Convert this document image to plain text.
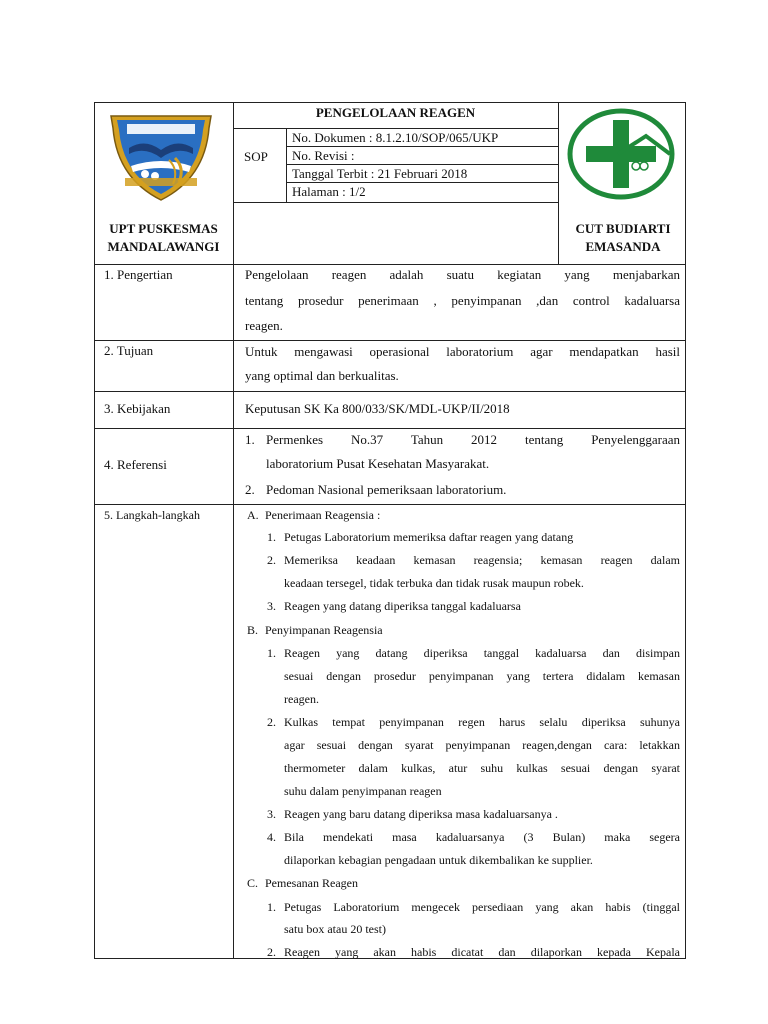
PENGELOLAAN REAGEN
SOP
No. Dokumen : 8.1.2.10/SOP/065/UKP
No. Revisi :
Tanggal Terbit : 21 Februari 2018
Halaman : 1/2
UPT PUSKESMAS
MANDALAWANGI
CUT BUDIARTI
EMASANDA
1. Pengertian	Pengelolaan reagen adalah suatu kegiatan yang menjabarkan
tentang prosedur penerimaan , penyimpanan ,dan control kadaluarsa
reagen.
2. Tujuan	Untuk mengawasi operasional laboratorium agar mendapatkan hasil
yang optimal dan berkualitas.
3. Kebijakan	Keputusan SK Ka 800/033/SK/MDL-UKP/II/2018
4. Referensi
1. Permenkes No.37 Tahun 2012 tentang Penyelenggaraan
laboratorium Pusat Kesehatan Masyarakat.
2. Pedoman Nasional pemeriksaan laboratorium.
5. Langkah-langkah	A. Penerimaan Reagensia :
1. Petugas Laboratorium memeriksa daftar reagen yang datang
2. Memeriksa keadaan kemasan reagensia; kemasan reagen dalam
keadaan tersegel, tidak terbuka dan tidak rusak maupun robek.
3. Reagen yang datang diperiksa tanggal kadaluarsa
B. Penyimpanan Reagensia
1. Reagen yang datang diperiksa tanggal kadaluarsa dan disimpan
sesuai dengan prosedur penyimpanan yang tertera didalam kemasan
reagen.
2. Kulkas tempat penyimpanan regen harus selalu diperiksa suhunya
agar sesuai dengan syarat penyimpanan reagen,dengan cara: letakkan
thermometer dalam kulkas, atur suhu kulkas sesuai dengan syarat
suhu dalam penyimpanan reagen
3. Reagen yang baru datang diperiksa masa kadaluarsanya .
4. Bila mendekati masa kadaluarsanya (3 Bulan) maka segera
dilaporkan kebagian pengadaan untuk dikembalikan ke supplier.
C. Pemesanan Reagen
1. Petugas Laboratorium mengecek persediaan yang akan habis (tinggal
satu box atau 20 test)
2. Reagen yang akan habis dicatat dan dilaporkan kepada Kepala
